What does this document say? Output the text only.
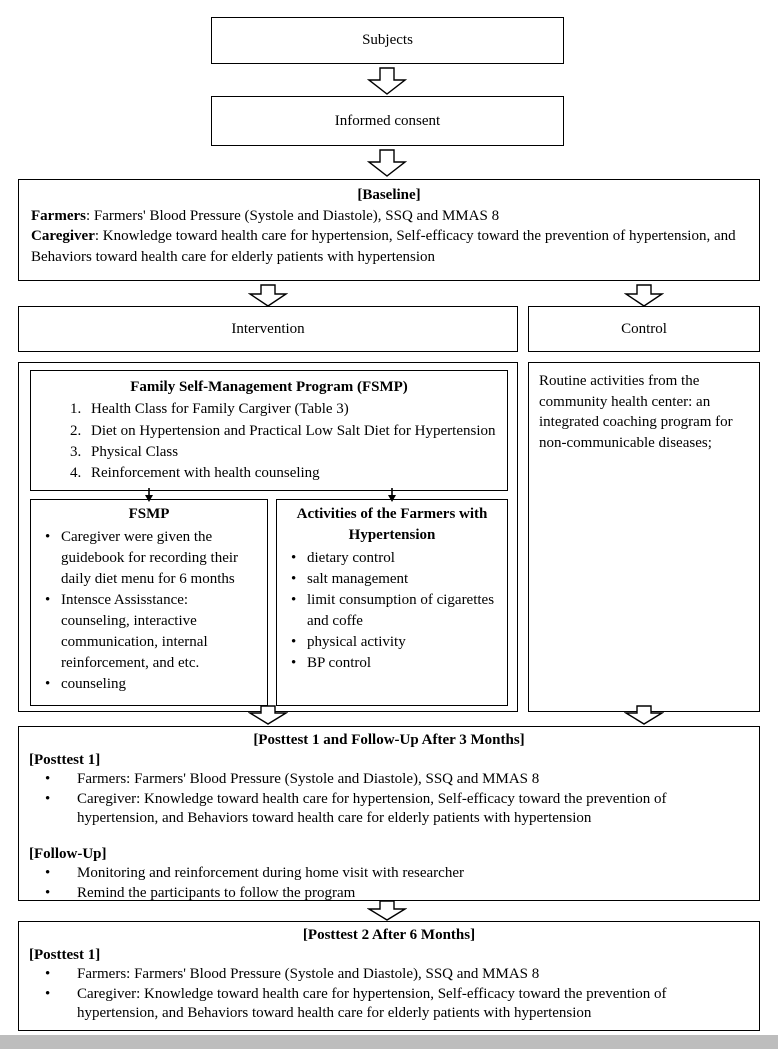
Subjects
Informed consent
[Baseline]
Farmers: Farmers' Blood Pressure (Systole and Diastole), SSQ and MMAS 8
Caregiver: Knowledge toward health care for hypertension, Self-efficacy toward the prevention of hypertension, and Behaviors toward health care for elderly patients with hypertension
Intervention	Control
Family Self-Management Program (FSMP)
1. Health Class for Family Cargiver (Table 3)
2. Diet on Hypertension and Practical Low Salt Diet for Hypertension
3. Physical Class
4. Reinforcement with health counseling
FSMP
• Caregiver were given the guidebook for recording their daily diet menu for 6 months
• Intensce Assisstance: counseling, interactive communication, internal reinforcement, and etc.
• counseling
Activities of the Farmers with Hypertension
• dietary control
• salt management
• limit consumption of cigarettes and coffe
• physical activity
• BP control
Routine activities from the community health center: an integrated coaching program for non-communicable diseases;
[Posttest 1 and Follow-Up After 3 Months]
[Posttest 1]
• Farmers: Farmers' Blood Pressure (Systole and Diastole), SSQ and MMAS 8
• Caregiver: Knowledge toward health care for hypertension, Self-efficacy toward the prevention of hypertension, and Behaviors toward health care for elderly patients with hypertension
[Follow-Up]
• Monitoring and reinforcement during home visit with researcher
• Remind the participants to follow the program
[Posttest 2 After 6 Months]
[Posttest 1]
• Farmers: Farmers' Blood Pressure (Systole and Diastole), SSQ and MMAS 8
• Caregiver: Knowledge toward health care for hypertension, Self-efficacy toward the prevention of hypertension, and Behaviors toward health care for elderly patients with hypertension
